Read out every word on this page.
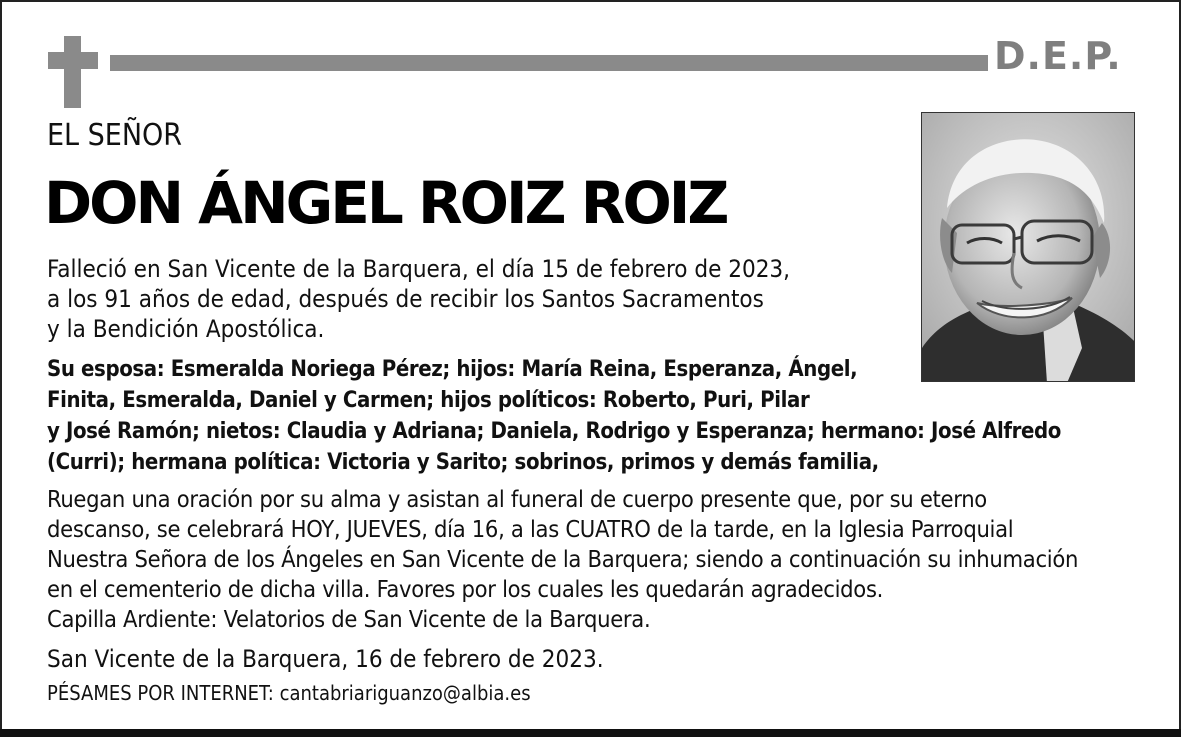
D.E.P.
EL SEÑOR
DON ÁNGEL ROIZ ROIZ
Falleció en San Vicente de la Barquera, el día 15 de febrero de 2023,
a los 91 años de edad, después de recibir los Santos Sacramentos
y la Bendición Apostólica.
Su esposa: Esmeralda Noriega Pérez; hijos: María Reina, Esperanza, Ángel,
Finita, Esmeralda, Daniel y Carmen; hijos políticos: Roberto, Puri, Pilar
y José Ramón; nietos: Claudia y Adriana; Daniela, Rodrigo y Esperanza; hermano: José Alfredo
(Curri); hermana política: Victoria y Sarito; sobrinos, primos y demás familia,
Ruegan una oración por su alma y asistan al funeral de cuerpo presente que, por su eterno
descanso, se celebrará HOY, JUEVES, día 16, a las CUATRO de la tarde, en la Iglesia Parroquial
Nuestra Señora de los Ángeles en San Vicente de la Barquera; siendo a continuación su inhumación
en el cementerio de dicha villa. Favores por los cuales les quedarán agradecidos.
Capilla Ardiente: Velatorios de San Vicente de la Barquera.
San Vicente de la Barquera, 16 de febrero de 2023.
PÉSAMES POR INTERNET: cantabriariguanzo@albia.es
